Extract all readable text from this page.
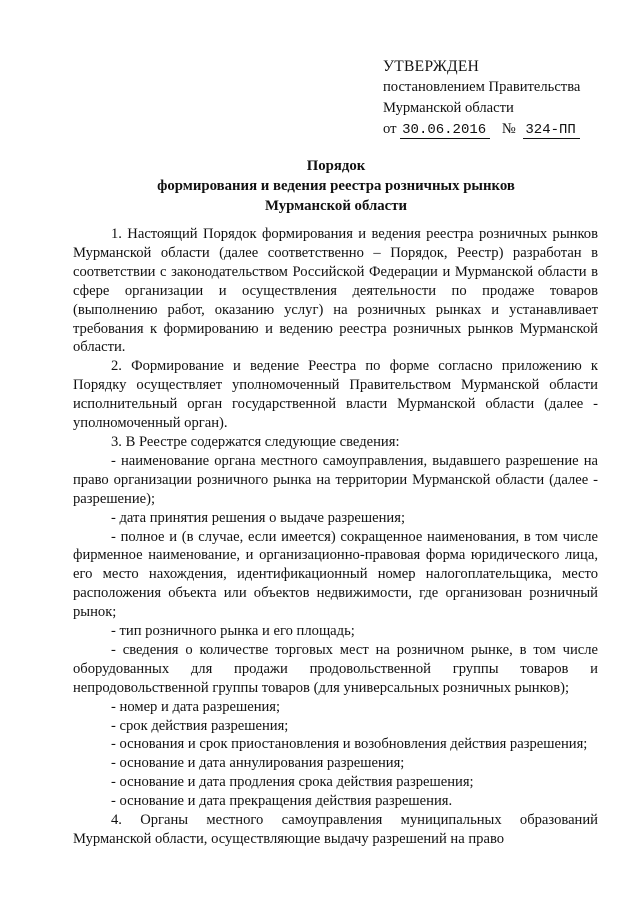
УТВЕРЖДЕН
постановлением Правительства
Мурманской области
от 30.06.2016 № 324-ПП
Порядок
формирования и ведения реестра розничных рынков
Мурманской области

1. Настоящий Порядок формирования и ведения реестра розничных рынков Мурманской области (далее соответственно – Порядок, Реестр) разработан в соответствии с законодательством Российской Федерации и Мурманской области в сфере организации и осуществления деятельности по продаже товаров (выполнению работ, оказанию услуг) на розничных рынках и устанавливает требования к формированию и ведению реестра розничных рынков Мурманской области.

2. Формирование и ведение Реестра по форме согласно приложению к Порядку осуществляет уполномоченный Правительством Мурманской области исполнительный орган государственной власти Мурманской области (далее - уполномоченный орган).

3. В Реестре содержатся следующие сведения:

- наименование органа местного самоуправления, выдавшего разрешение на право организации розничного рынка на территории Мурманской области (далее - разрешение);

- дата принятия решения о выдаче разрешения;

- полное и (в случае, если имеется) сокращенное наименования, в том числе фирменное наименование, и организационно-правовая форма юридического лица, его место нахождения, идентификационный номер налогоплательщика, место расположения объекта или объектов недвижимости, где организован розничный рынок;

- тип розничного рынка и его площадь;

- сведения о количестве торговых мест на розничном рынке, в том числе оборудованных для продажи продовольственной группы товаров и непродовольственной группы товаров (для универсальных розничных рынков);

- номер и дата разрешения;

- срок действия разрешения;

- основания и срок приостановления и возобновления действия разрешения;

- основание и дата аннулирования разрешения;

- основание и дата продления срока действия разрешения;

- основание и дата прекращения действия разрешения.

4. Органы местного самоуправления муниципальных образований Мурманской области, осуществляющие выдачу разрешений на право
